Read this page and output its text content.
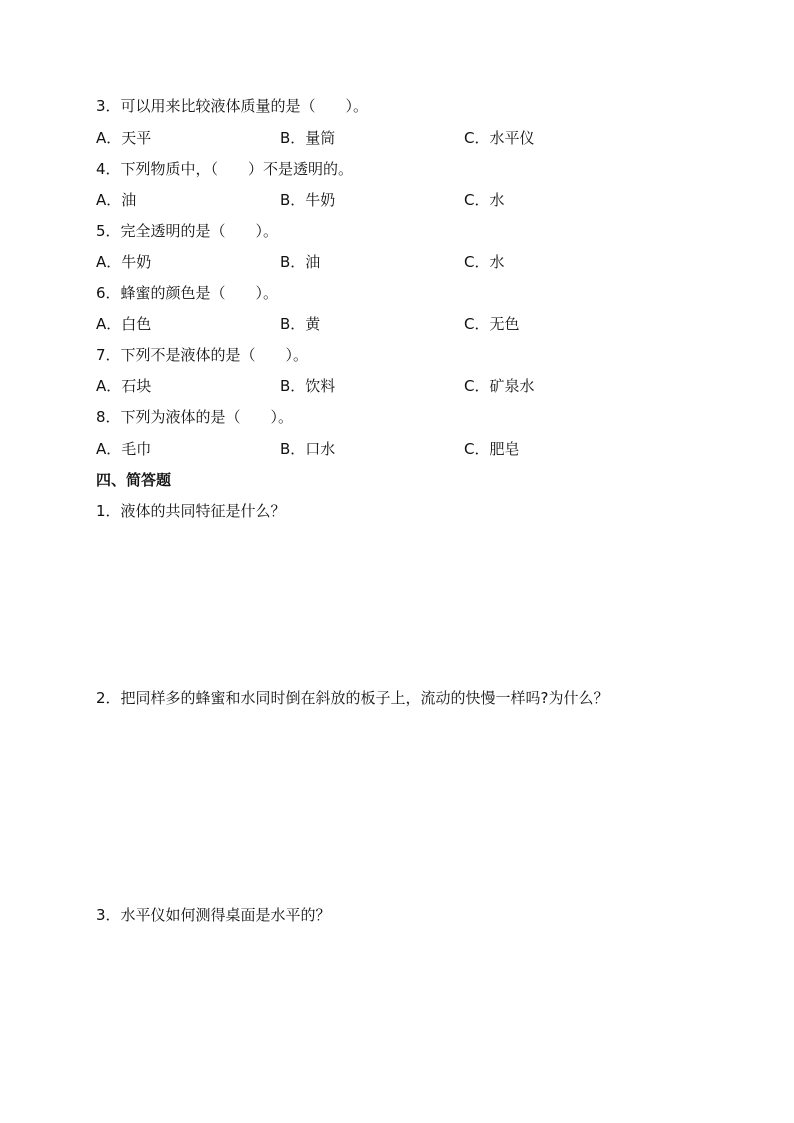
3．可以用来比较液体质量的是（　　）。
A．天平	B．量筒	C．水平仪
4．下列物质中，（　　）不是透明的。
A．油	B．牛奶	C．水
5．完全透明的是（　　）。
A．牛奶	B．油	C．水
6．蜂蜜的颜色是（　　）。
A．白色	B．黄	C．无色
7．下列不是液体的是（　　）。
A．石块	B．饮料	C．矿泉水
8．下列为液体的是（　　）。
A．毛巾	B．口水	C．肥皂
四、简答题
1．液体的共同特征是什么？
2．把同样多的蜂蜜和水同时倒在斜放的板子上，流动的快慢一样吗?为什么？
3．水平仪如何测得桌面是水平的？
